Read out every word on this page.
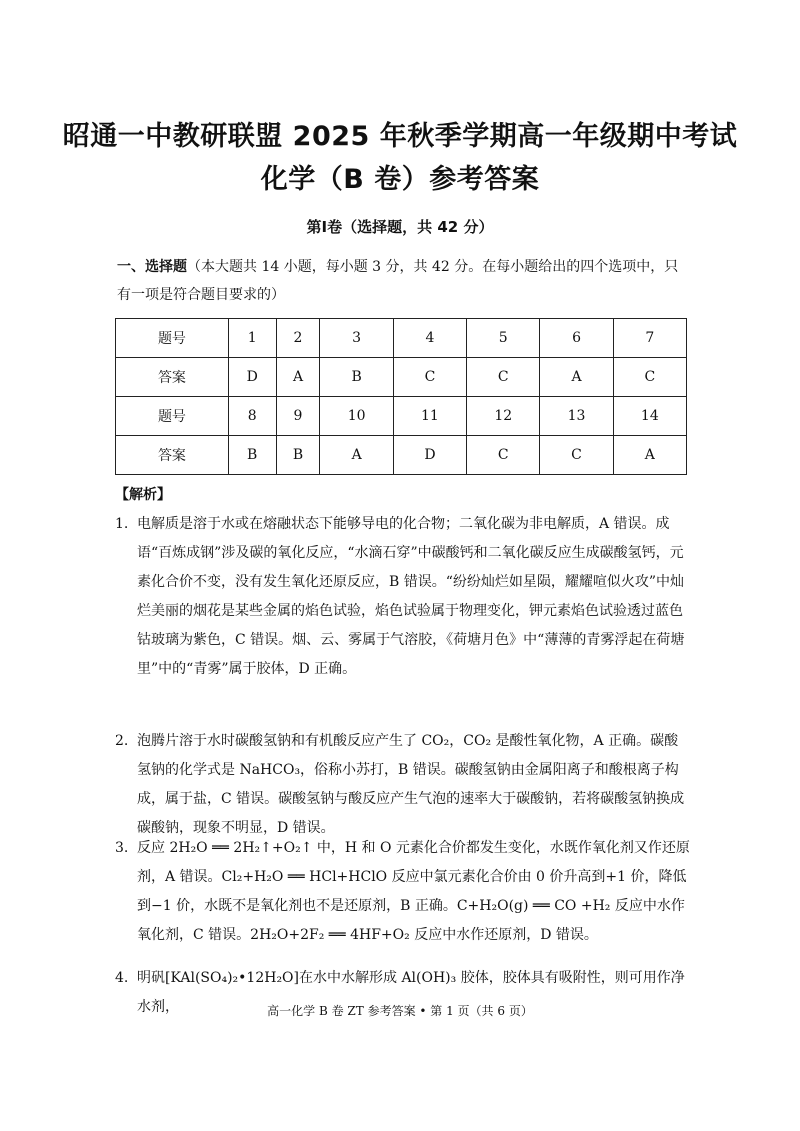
昭通一中教研联盟 2025 年秋季学期高一年级期中考试
化学（B 卷）参考答案
第Ⅰ卷（选择题，共 42 分）
一、选择题（本大题共 14 小题，每小题 3 分，共 42 分。在每小题给出的四个选项中，只有一项是符合题目要求的）
题号	1	2	3	4	5	6	7
答案	D	A	B	C	C	A	C
题号	8	9	10	11	12	13	14
答案	B	B	A	D	C	C	A
【解析】
1. 电解质是溶于水或在熔融状态下能够导电的化合物；二氧化碳为非电解质，A 错误。成语“百炼成钢”涉及碳的氧化反应，“水滴石穿”中碳酸钙和二氧化碳反应生成碳酸氢钙，元素化合价不变，没有发生氧化还原反应，B 错误。“纷纷灿烂如星陨，耀耀喧似火攻”中灿烂美丽的烟花是某些金属的焰色试验，焰色试验属于物理变化，钾元素焰色试验透过蓝色钴玻璃为紫色，C 错误。烟、云、雾属于气溶胶，《荷塘月色》中“薄薄的青雾浮起在荷塘里”中的“青雾”属于胶体，D 正确。
2. 泡腾片溶于水时碳酸氢钠和有机酸反应产生了 CO₂，CO₂ 是酸性氧化物，A 正确。碳酸氢钠的化学式是 NaHCO₃，俗称小苏打，B 错误。碳酸氢钠由金属阳离子和酸根离子构成，属于盐，C 错误。碳酸氢钠与酸反应产生气泡的速率大于碳酸钠，若将碳酸氢钠换成碳酸钠，现象不明显，D 错误。
3. 反应 2H₂O ══ 2H₂↑+O₂↑ 中，H 和 O 元素化合价都发生变化，水既作氧化剂又作还原剂，A 错误。Cl₂+H₂O ══ HCl+HClO 反应中氯元素化合价由 0 价升高到+1 价，降低到−1 价，水既不是氧化剂也不是还原剂，B 正确。C+H₂O(g) ══ CO +H₂ 反应中水作氧化剂，C 错误。2H₂O+2F₂ ══ 4HF+O₂ 反应中水作还原剂，D 错误。
4. 明矾[KAl(SO₄)₂•12H₂O]在水中水解形成 Al(OH)₃ 胶体，胶体具有吸附性，则可用作净水剂，	高一化学 B 卷 ZT 参考答案 • 第 1 页（共 6 页）
